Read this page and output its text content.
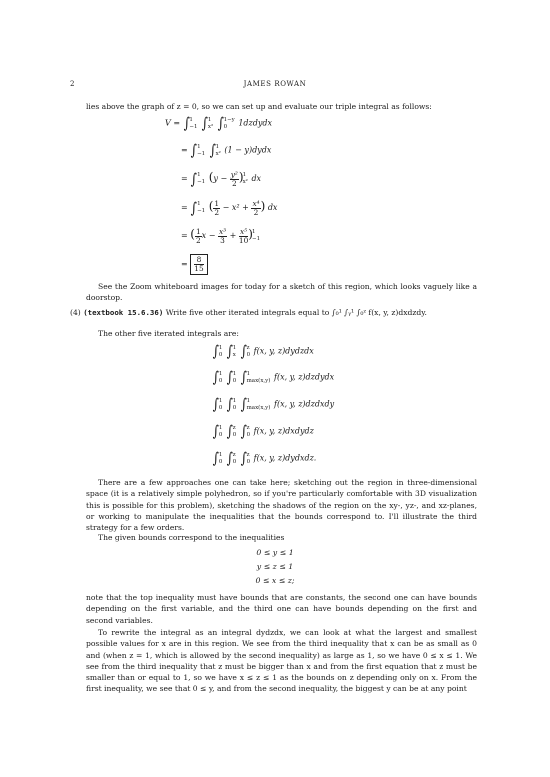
2	JAMES ROWAN
lies above the graph of z = 0, so we can set up and evaluate our triple integral as follows:
V = ∫ 1
−1 ∫ 1
x² ∫ 1−y
0	1dzdydx
= ∫ 1
−1 ∫ 1
x² (1 − y)dydx
= ∫ 1
−1 ($y - \frac{\text{y²}}{2}$ ) 1
x² dx
= ∫ 1
−1 ( $\frac{1}{2} - x^2 + \frac{\text{x⁴}}{2}$ ) dx
= ( $\frac{1}{2}$ $x - \frac{\text{x³}}{3} + \frac{\text{x⁵}}{10}$ ) 1
−1
= $\frac{8}{15}$
See the Zoom whiteboard images for today for a sketch of this region, which looks vaguely like a doorstop.
(4) (textbook 15.6.36) Write five other iterated integrals equal to ∫₀¹ ∫ᵧ¹ ∫₀ᶻ f(x, y, z)dxdzdy.
The other five iterated integrals are:
∫ 1
0 ∫ 1
x ∫ z
0 f(x, y, z)dydzdx
∫ 1
0 ∫ 1
0 ∫ 1
max(x,y) f(x, y, z)dzdydx
∫ 1
0 ∫ 1
0 ∫ 1
max(x,y) f(x, y, z)dzdxdy
∫ 1
0 ∫ z
0 ∫ z
0 f(x, y, z)dxdydz
∫ 1
0 ∫ z
0 ∫ z
0 f(x, y, z)dydxdz.
There are a few approaches one can take here; sketching out the region in three-dimensional space (it is a relatively simple polyhedron, so if you're particularly comfortable with 3D visualization this is possible for this problem), sketching the shadows of the region on the xy-, yz-, and xz-planes, or working to manipulate the inequalities that the bounds correspond to. I'll illustrate the third strategy for a few orders.
The given bounds correspond to the inequalities
0 ≤ y ≤ 1
y ≤ z ≤ 1
0 ≤ x ≤ z;
note that the top inequality must have bounds that are constants, the second one can have bounds depending on the first variable, and the third one can have bounds depending on the first and second variables.
To rewrite the integral as an integral dydzdx, we can look at what the largest and smallest possible values for x are in this region. We see from the third inequality that x can be as small as 0 and (when z = 1, which is allowed by the second inequality) as large as 1, so we have 0 ≤ x ≤ 1. We see from the third inequality that z must be bigger than x and from the first equation that z must be smaller than or equal to 1, so we have x ≤ z ≤ 1 as the bounds on z depending only on x. From the first inequality, we see that 0 ≤ y, and from the second inequality, the biggest y can be at any point
